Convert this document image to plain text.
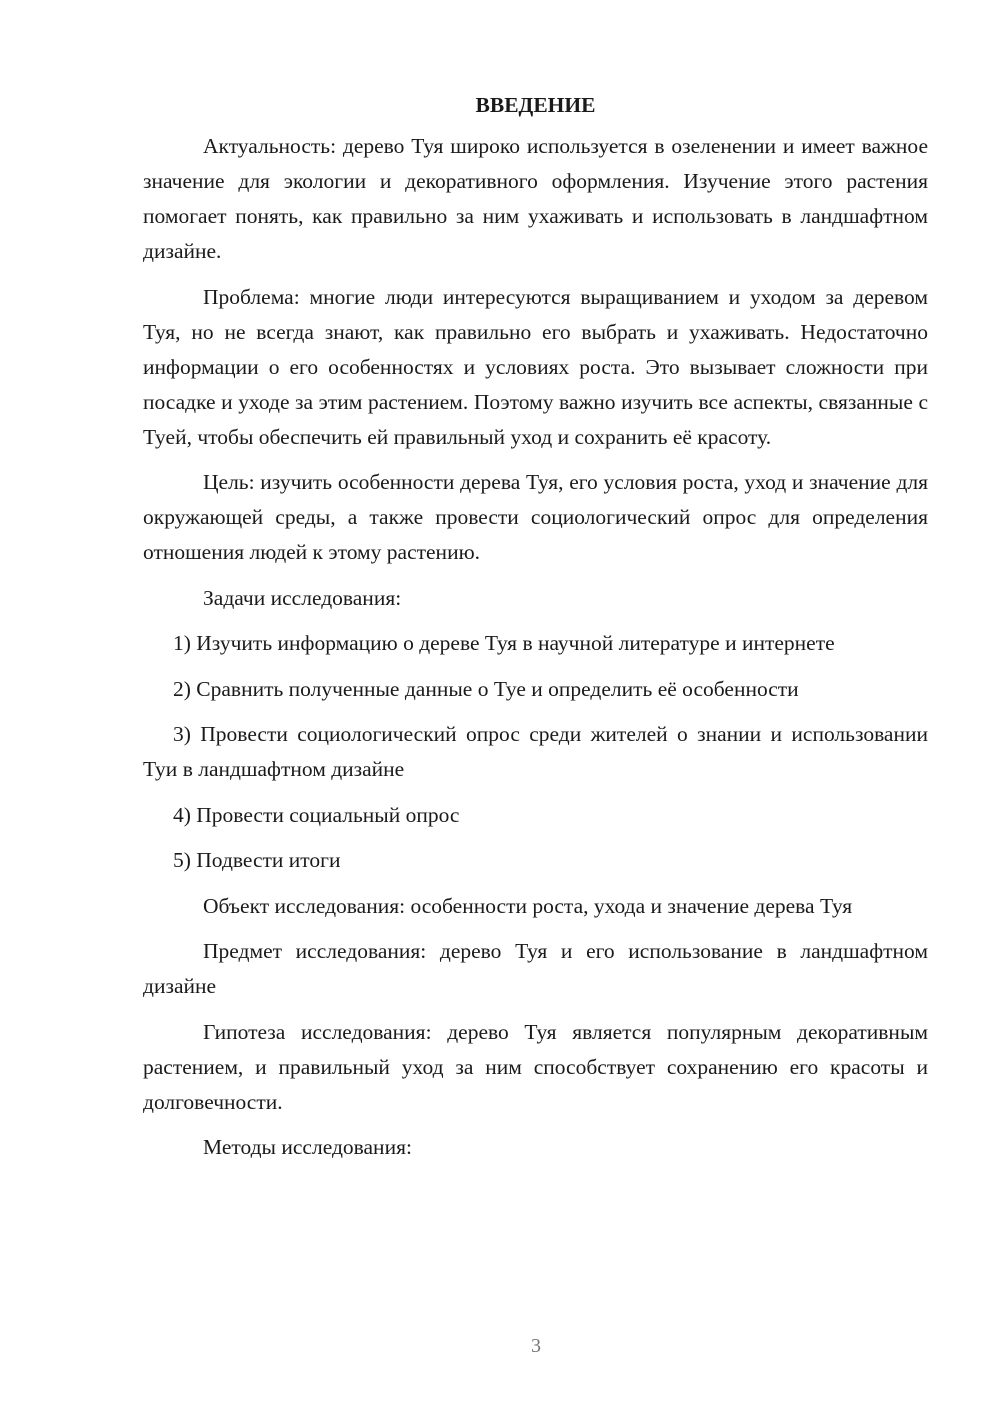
ВВЕДЕНИЕ

Актуальность: дерево Туя широко используется в озеленении и имеет важное значение для экологии и декоративного оформления. Изучение этого растения помогает понять, как правильно за ним ухаживать и использовать в ландшафтном дизайне.

Проблема: многие люди интересуются выращиванием и уходом за деревом Туя, но не всегда знают, как правильно его выбрать и ухаживать. Недостаточно информации о его особенностях и условиях роста. Это вызывает сложности при посадке и уходе за этим растением. Поэтому важно изучить все аспекты, связанные с Туей, чтобы обеспечить ей правильный уход и сохранить её красоту.

Цель: изучить особенности дерева Туя, его условия роста, уход и значение для окружающей среды, а также провести социологический опрос для определения отношения людей к этому растению.

Задачи исследования:

1) Изучить информацию о дереве Туя в научной литературе и интернете

2) Сравнить полученные данные о Туе и определить её особенности

3) Провести социологический опрос среди жителей о знании и использовании Туи в ландшафтном дизайне

4) Провести социальный опрос

5) Подвести итоги

Объект исследования: особенности роста, ухода и значение дерева Туя

Предмет исследования: дерево Туя и его использование в ландшафтном дизайне

Гипотеза исследования: дерево Туя является популярным декоративным растением, и правильный уход за ним способствует сохранению его красоты и долговечности.

Методы исследования:

3
